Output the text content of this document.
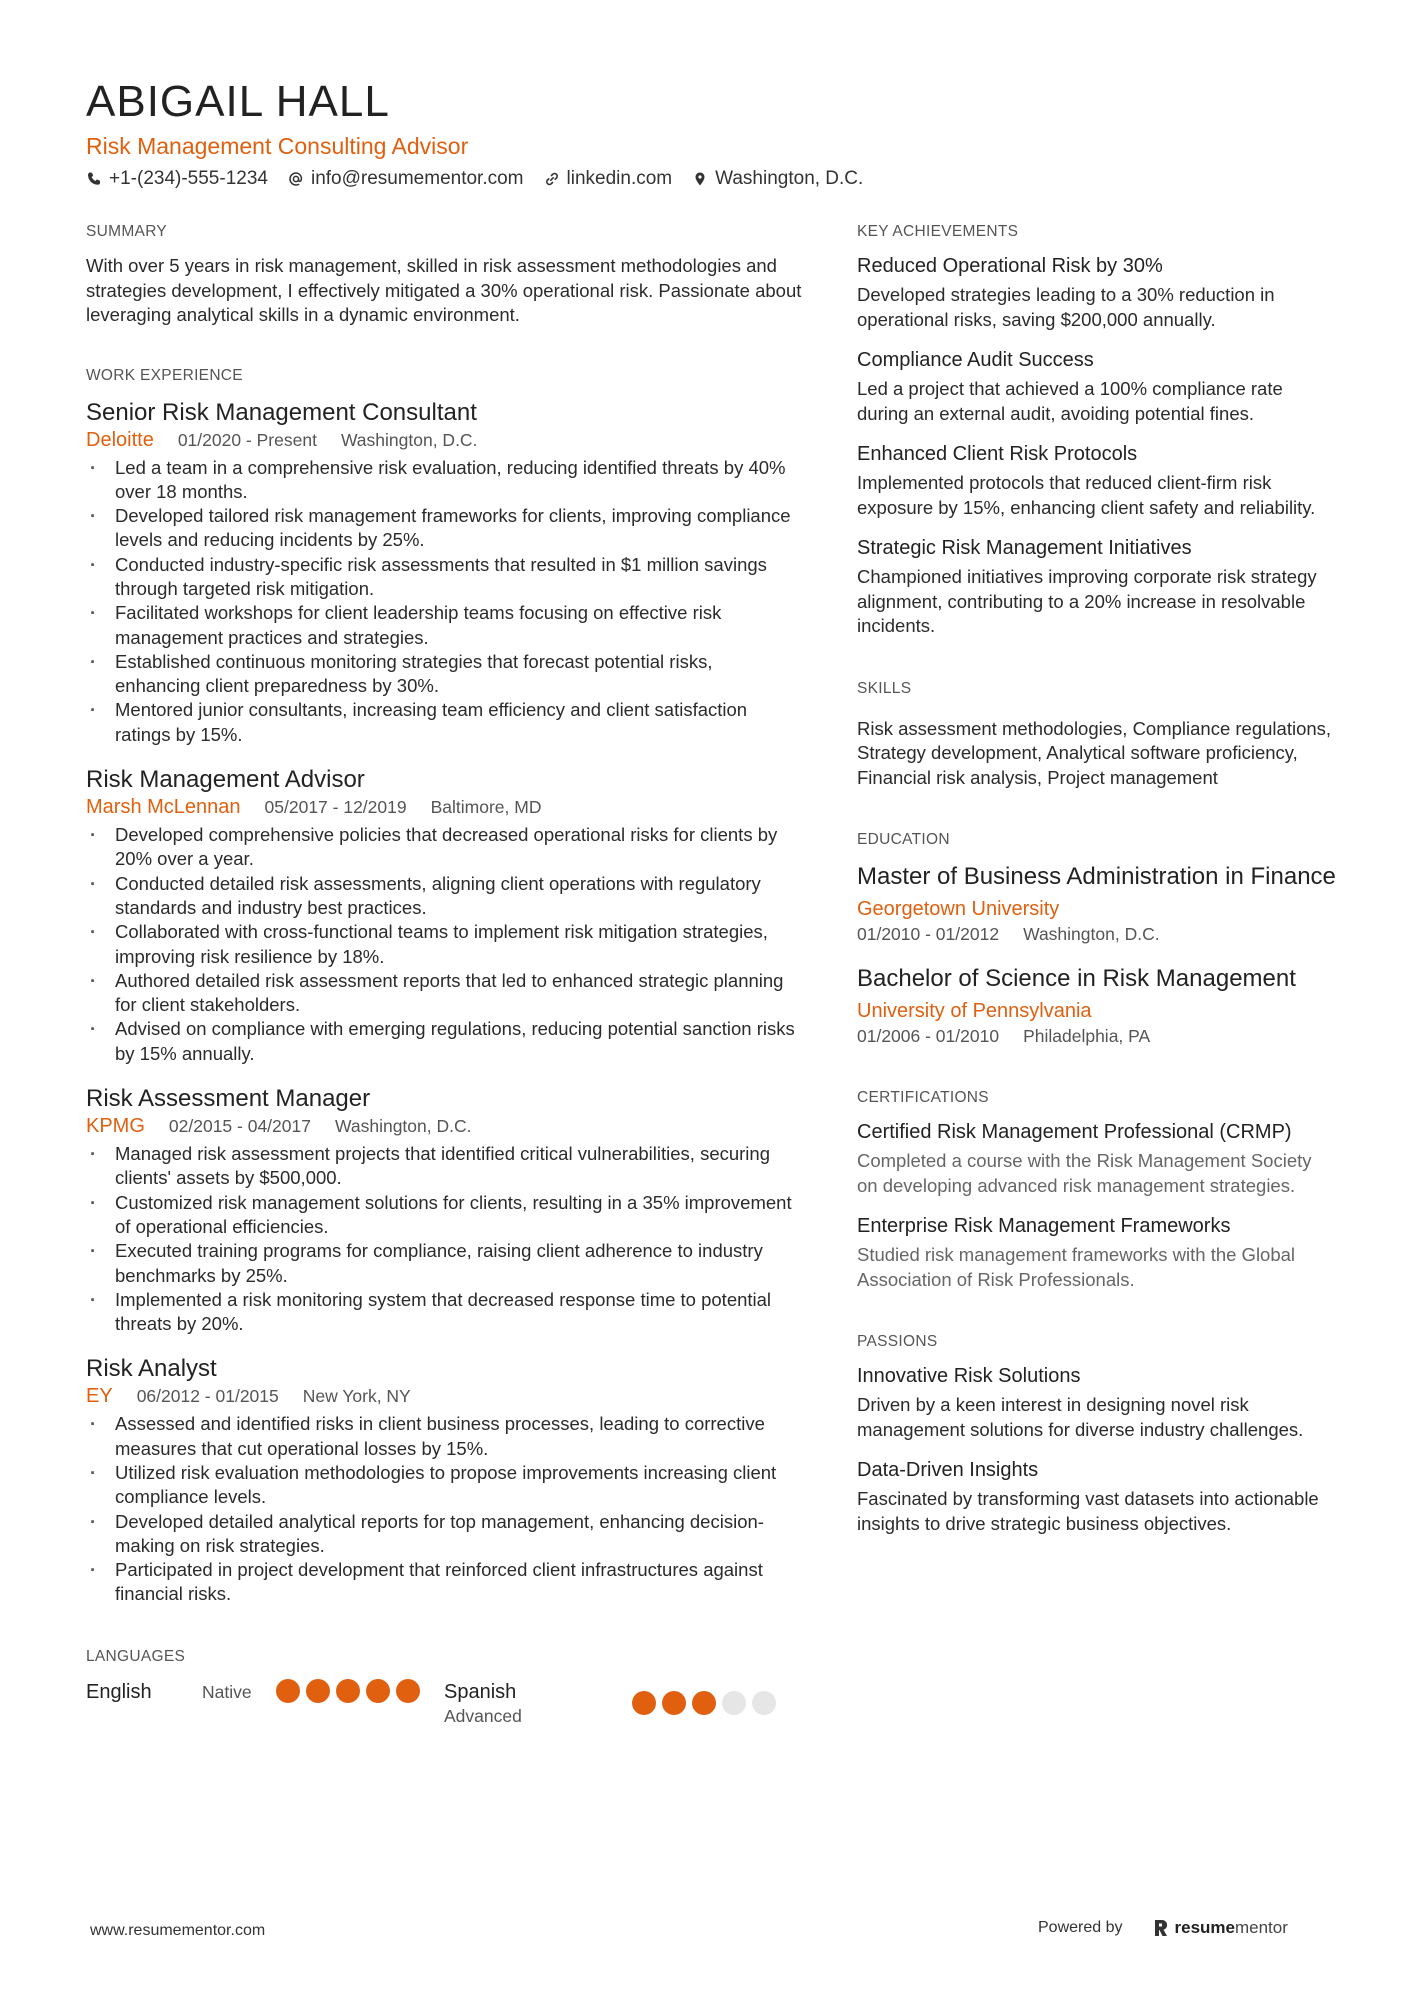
ABIGAIL HALL
Risk Management Consulting Advisor
+1-(234)-555-1234 info@resumementor.com linkedin.com Washington, D.C.
SUMMARY

With over 5 years in risk management, skilled in risk assessment methodologies and strategies development, I effectively mitigated a 30% operational risk. Passionate about leveraging analytical skills in a dynamic environment.

WORK EXPERIENCE
Senior Risk Management Consultant
Deloitte 01/2020 - Present Washington, D.C.
· Led a team in a comprehensive risk evaluation, reducing identified threats by 40% over 18 months.
· Developed tailored risk management frameworks for clients, improving compliance levels and reducing incidents by 25%.
· Conducted industry-specific risk assessments that resulted in $1 million savings through targeted risk mitigation.
· Facilitated workshops for client leadership teams focusing on effective risk management practices and strategies.
· Established continuous monitoring strategies that forecast potential risks, enhancing client preparedness by 30%.
· Mentored junior consultants, increasing team efficiency and client satisfaction ratings by 15%.
Risk Management Advisor
Marsh McLennan 05/2017 - 12/2019 Baltimore, MD
· Developed comprehensive policies that decreased operational risks for clients by 20% over a year.
· Conducted detailed risk assessments, aligning client operations with regulatory standards and industry best practices.
· Collaborated with cross-functional teams to implement risk mitigation strategies, improving risk resilience by 18%.
· Authored detailed risk assessment reports that led to enhanced strategic planning for client stakeholders.
· Advised on compliance with emerging regulations, reducing potential sanction risks by 15% annually.
Risk Assessment Manager
KPMG 02/2015 - 04/2017 Washington, D.C.
· Managed risk assessment projects that identified critical vulnerabilities, securing clients' assets by $500,000.
· Customized risk management solutions for clients, resulting in a 35% improvement of operational efficiencies.
· Executed training programs for compliance, raising client adherence to industry benchmarks by 25%.
· Implemented a risk monitoring system that decreased response time to potential threats by 20%.
Risk Analyst
EY 06/2012 - 01/2015 New York, NY
· Assessed and identified risks in client business processes, leading to corrective measures that cut operational losses by 15%.
· Utilized risk evaluation methodologies to propose improvements increasing client compliance levels.
· Developed detailed analytical reports for top management, enhancing decision-making on risk strategies.
· Participated in project development that reinforced client infrastructures against financial risks.
LANGUAGES
English	Native	Spanish
Advanced
KEY ACHIEVEMENTS
Reduced Operational Risk by 30%

Developed strategies leading to a 30% reduction in operational risks, saving $200,000 annually.

Compliance Audit Success

Led a project that achieved a 100% compliance rate during an external audit, avoiding potential fines.

Enhanced Client Risk Protocols

Implemented protocols that reduced client-firm risk exposure by 15%, enhancing client safety and reliability.

Strategic Risk Management Initiatives

Championed initiatives improving corporate risk strategy alignment, contributing to a 20% increase in resolvable incidents.

SKILLS

Risk assessment methodologies, Compliance regulations, Strategy development, Analytical software proficiency, Financial risk analysis, Project management

EDUCATION
Master of Business Administration in Finance
Georgetown University
01/2010 - 01/2012 Washington, D.C.
Bachelor of Science in Risk Management
University of Pennsylvania
01/2006 - 01/2010 Philadelphia, PA
CERTIFICATIONS
Certified Risk Management Professional (CRMP)

Completed a course with the Risk Management Society on developing advanced risk management strategies.

Enterprise Risk Management Frameworks

Studied risk management frameworks with the Global Association of Risk Professionals.

PASSIONS
Innovative Risk Solutions

Driven by a keen interest in designing novel risk management solutions for diverse industry challenges.

Data-Driven Insights

Fascinated by transforming vast datasets into actionable insights to drive strategic business objectives.

www.resumementor.com	Powered by	resumementor
